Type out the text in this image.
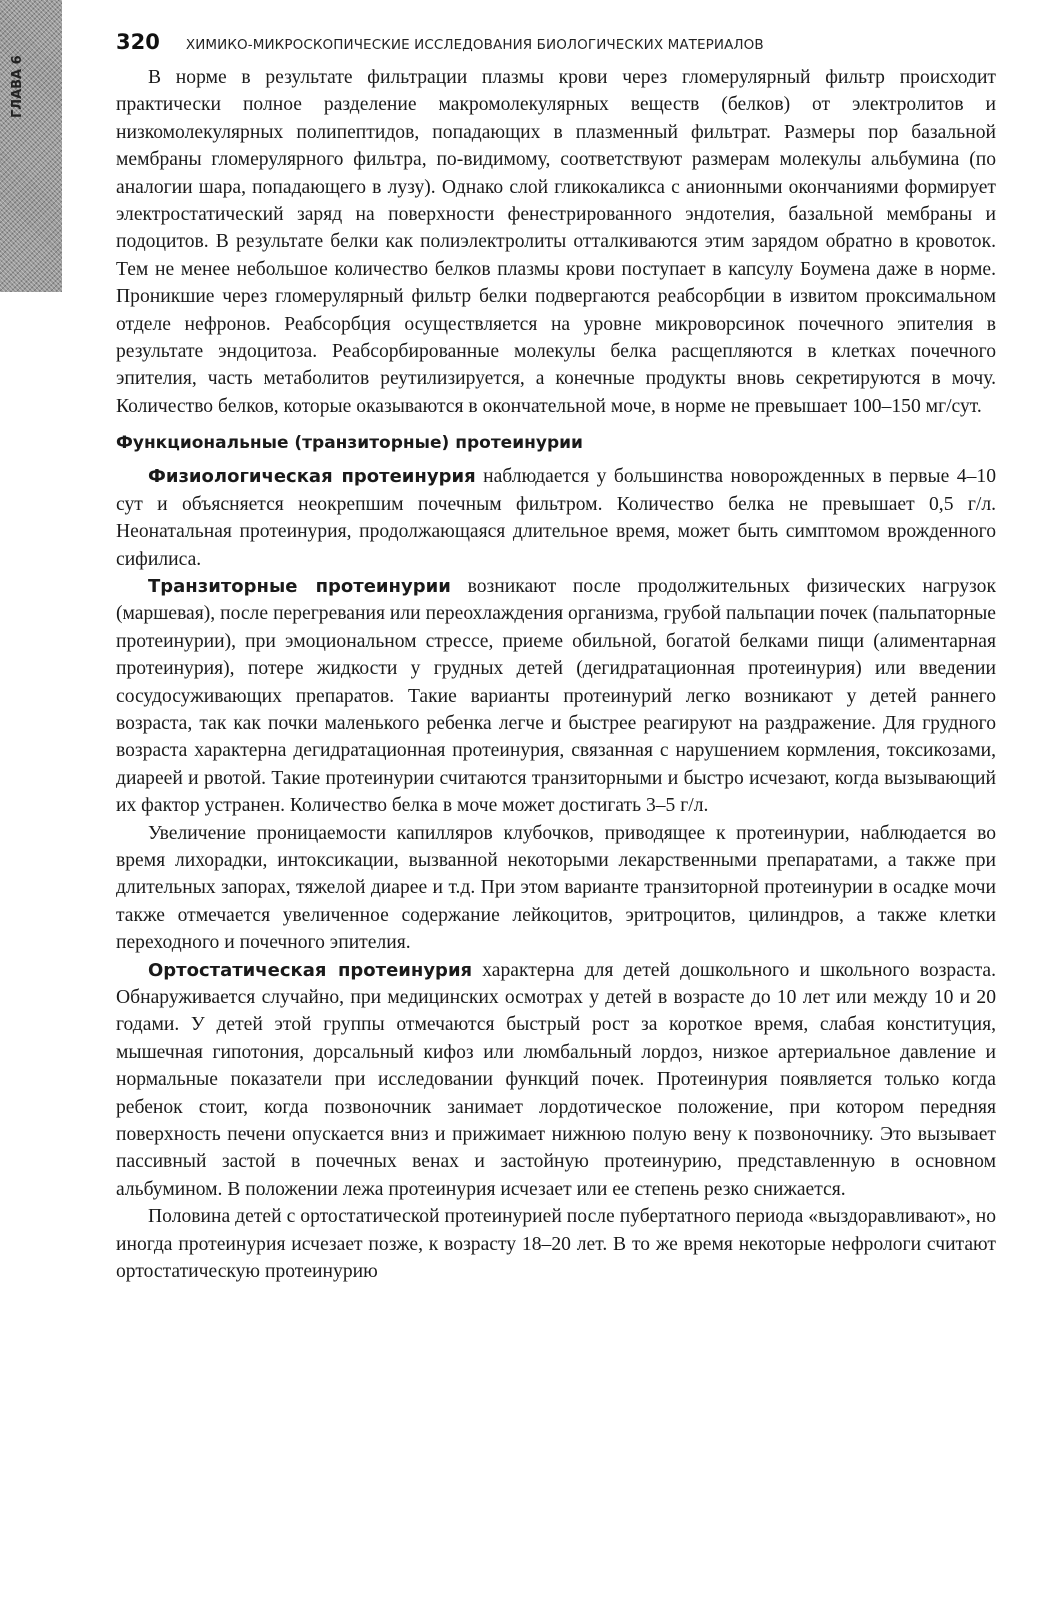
ГЛАВА 6
320 ХИМИКО-МИКРОСКОПИЧЕСКИЕ ИССЛЕДОВАНИЯ БИОЛОГИЧЕСКИХ МАТЕРИАЛОВ

В норме в результате фильтрации плазмы крови через гломерулярный фильтр происходит практически полное разделение макромолекулярных веществ (белков) от электролитов и низкомолекулярных полипептидов, попадающих в плазменный фильтрат. Размеры пор базальной мембраны гломерулярного фильтра, по-видимому, соответствуют размерам молекулы альбумина (по аналогии шара, попадающего в лузу). Однако слой гликокаликса с анионными окончаниями формирует электростатический заряд на поверхности фенестрированного эндотелия, базальной мембраны и подоцитов. В результате белки как полиэлектролиты отталкиваются этим зарядом обратно в кровоток. Тем не менее небольшое количество белков плазмы крови поступает в капсулу Боумена даже в норме. Проникшие через гломерулярный фильтр белки подвергаются реабсорбции в извитом проксимальном отделе нефронов. Реабсорбция осуществляется на уровне микроворсинок почечного эпителия в результате эндоцитоза. Реабсорбированные молекулы белка расщепляются в клетках почечного эпителия, часть метаболитов реутилизируется, а конечные продукты вновь секретируются в мочу. Количество белков, которые оказываются в окончательной моче, в норме не превышает 100–150 мг/сут.

Функциональные (транзиторные) протеинурии

Физиологическая протеинурия наблюдается у большинства новорожденных в первые 4–10 сут и объясняется неокрепшим почечным фильтром. Количество белка не превышает 0,5 г/л. Неонатальная протеинурия, продолжающаяся длительное время, может быть симптомом врожденного сифилиса.

Транзиторные протеинурии возникают после продолжительных физических нагрузок (маршевая), после перегревания или переохлаждения организма, грубой пальпации почек (пальпаторные протеинурии), при эмоциональном стрессе, приеме обильной, богатой белками пищи (алиментарная протеинурия), потере жидкости у грудных детей (дегидратационная протеинурия) или введении сосудосуживающих препаратов. Такие варианты протеинурий легко возникают у детей раннего возраста, так как почки маленького ребенка легче и быстрее реагируют на раздражение. Для грудного возраста характерна дегидратационная протеинурия, связанная с нарушением кормления, токсикозами, диареей и рвотой. Такие протеинурии считаются транзиторными и быстро исчезают, когда вызывающий их фактор устранен. Количество белка в моче может достигать 3–5 г/л.

Увеличение проницаемости капилляров клубочков, приводящее к протеинурии, наблюдается во время лихорадки, интоксикации, вызванной некоторыми лекарственными препаратами, а также при длительных запорах, тяжелой диарее и т.д. При этом варианте транзиторной протеинурии в осадке мочи также отмечается увеличенное содержание лейкоцитов, эритроцитов, цилиндров, а также клетки переходного и почечного эпителия.

Ортостатическая протеинурия характерна для детей дошкольного и школьного возраста. Обнаруживается случайно, при медицинских осмотрах у детей в возрасте до 10 лет или между 10 и 20 годами. У детей этой группы отмечаются быстрый рост за короткое время, слабая конституция, мышечная гипотония, дорсальный кифоз или люмбальный лордоз, низкое артериальное давление и нормальные показатели при исследовании функций почек. Протеинурия появляется только когда ребенок стоит, когда позвоночник занимает лордотическое положение, при котором передняя поверхность печени опускается вниз и прижимает нижнюю полую вену к позвоночнику. Это вызывает пассивный застой в почечных венах и застойную протеинурию, представленную в основном альбумином. В положении лежа протеинурия исчезает или ее степень резко снижается.

Половина детей с ортостатической протеинурией после пубертатного периода «выздоравливают», но иногда протеинурия исчезает позже, к возрасту 18–20 лет. В то же время некоторые нефрологи считают ортостатическую протеинурию
